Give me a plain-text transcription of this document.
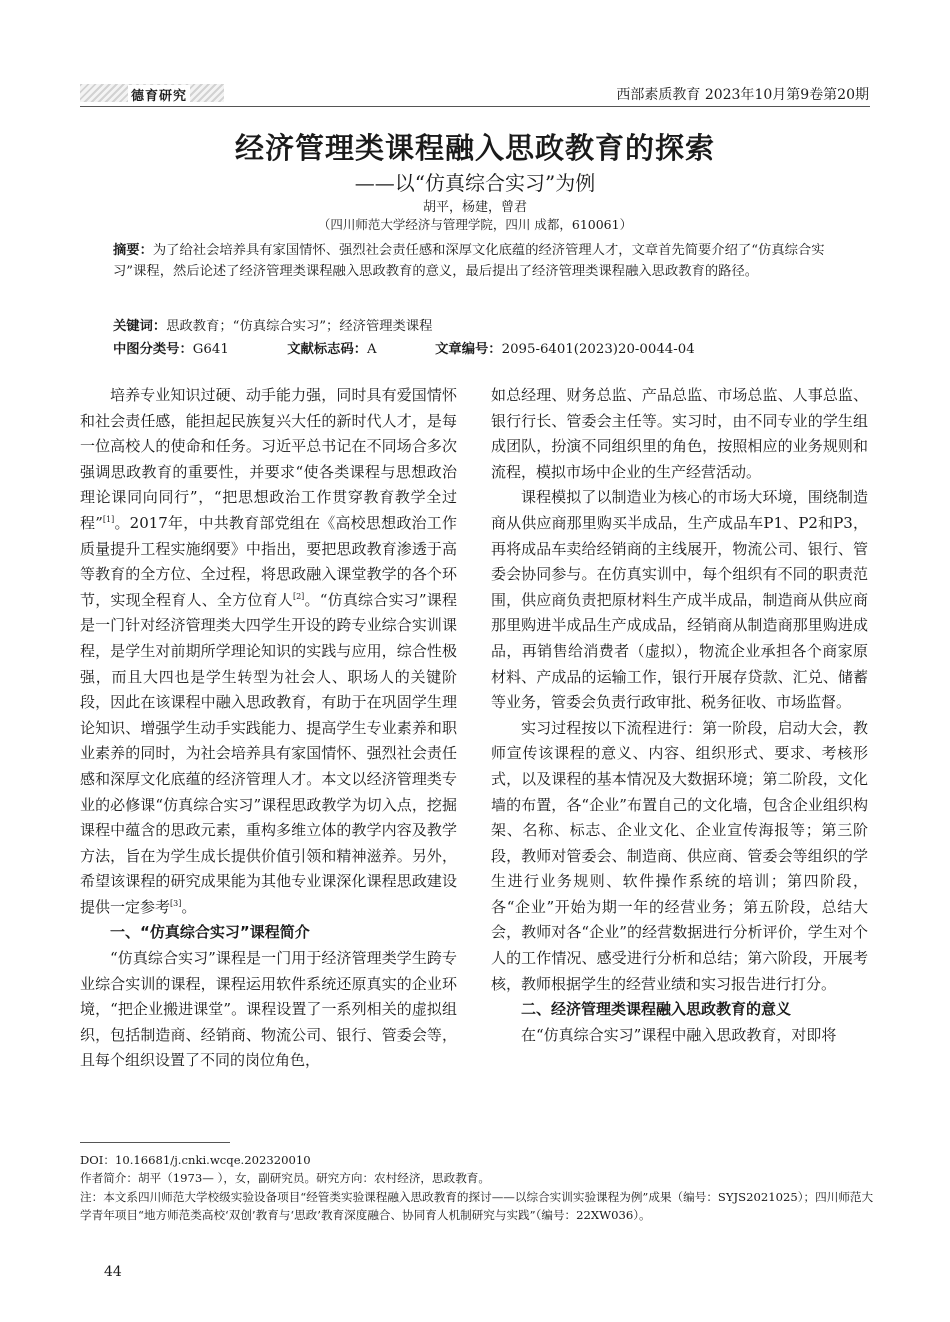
德育研究	西部素质教育 2023年10月第9卷第20期
经济管理类课程融入思政教育的探索
——以“仿真综合实习”为例
胡平，杨建，曾君
（四川师范大学经济与管理学院，四川 成都，610061）
摘要：为了给社会培养具有家国情怀、强烈社会责任感和深厚文化底蕴的经济管理人才，文章首先简要介绍了“仿真综合实习”课程，然后论述了经济管理类课程融入思政教育的意义，最后提出了经济管理类课程融入思政教育的路径。
关键词：思政教育；“仿真综合实习”；经济管理类课程
中图分类号：G641	文献标志码：A	文章编号：2095-6401(2023)20-0044-04

培养专业知识过硬、动手能力强，同时具有爱国情怀和社会责任感，能担起民族复兴大任的新时代人才，是每一位高校人的使命和任务。习近平总书记在不同场合多次强调思政教育的重要性，并要求“使各类课程与思想政治理论课同向同行”，“把思想政治工作贯穿教育教学全过程”[1]。2017年，中共教育部党组在《高校思想政治工作质量提升工程实施纲要》中指出，要把思政教育渗透于高等教育的全方位、全过程，将思政融入课堂教学的各个环节，实现全程育人、全方位育人[2]。“仿真综合实习”课程是一门针对经济管理类大四学生开设的跨专业综合实训课程，是学生对前期所学理论知识的实践与应用，综合性极强，而且大四也是学生转型为社会人、职场人的关键阶段，因此在该课程中融入思政教育，有助于在巩固学生理论知识、增强学生动手实践能力、提高学生专业素养和职业素养的同时，为社会培养具有家国情怀、强烈社会责任感和深厚文化底蕴的经济管理人才。本文以经济管理类专业的必修课“仿真综合实习”课程思政教学为切入点，挖掘课程中蕴含的思政元素，重构多维立体的教学内容及教学方法，旨在为学生成长提供价值引领和精神滋养。另外，希望该课程的研究成果能为其他专业课深化课程思政建设提供一定参考[3]。

一、“仿真综合实习”课程简介

“仿真综合实习”课程是一门用于经济管理类学生跨专业综合实训的课程，课程运用软件系统还原真实的企业环境，“把企业搬进课堂”。课程设置了一系列相关的虚拟组织，包括制造商、经销商、物流公司、银行、管委会等，且每个组织设置了不同的岗位角色，

如总经理、财务总监、产品总监、市场总监、人事总监、银行行长、管委会主任等。实习时，由不同专业的学生组成团队，扮演不同组织里的角色，按照相应的业务规则和流程，模拟市场中企业的生产经营活动。

课程模拟了以制造业为核心的市场大环境，围绕制造商从供应商那里购买半成品，生产成品车P1、P2和P3，再将成品车卖给经销商的主线展开，物流公司、银行、管委会协同参与。在仿真实训中，每个组织有不同的职责范围，供应商负责把原材料生产成半成品，制造商从供应商那里购进半成品生产成成品，经销商从制造商那里购进成品，再销售给消费者（虚拟），物流企业承担各个商家原材料、产成品的运输工作，银行开展存贷款、汇兑、储蓄等业务，管委会负责行政审批、税务征收、市场监督。

实习过程按以下流程进行：第一阶段，启动大会，教师宣传该课程的意义、内容、组织形式、要求、考核形式，以及课程的基本情况及大数据环境；第二阶段，文化墙的布置，各“企业”布置自己的文化墙，包含企业组织构架、名称、标志、企业文化、企业宣传海报等；第三阶段，教师对管委会、制造商、供应商、管委会等组织的学生进行业务规则、软件操作系统的培训；第四阶段，各“企业”开始为期一年的经营业务；第五阶段，总结大会，教师对各“企业”的经营数据进行分析评价，学生对个人的工作情况、感受进行分析和总结；第六阶段，开展考核，教师根据学生的经营业绩和实习报告进行打分。

二、经济管理类课程融入思政教育的意义

在“仿真综合实习”课程中融入思政教育，对即将

DOI：10.16681/j.cnki.wcqe.202320010
作者简介：胡平（1973— ），女，副研究员。研究方向：农村经济，思政教育。
注：本文系四川师范大学校级实验设备项目“经管类实验课程融入思政教育的探讨——以综合实训实验课程为例”成果（编号：SYJS2021025）；四川师范大学青年项目“地方师范类高校‘双创’教育与‘思政’教育深度融合、协同育人机制研究与实践”（编号：22XW036）。
44
